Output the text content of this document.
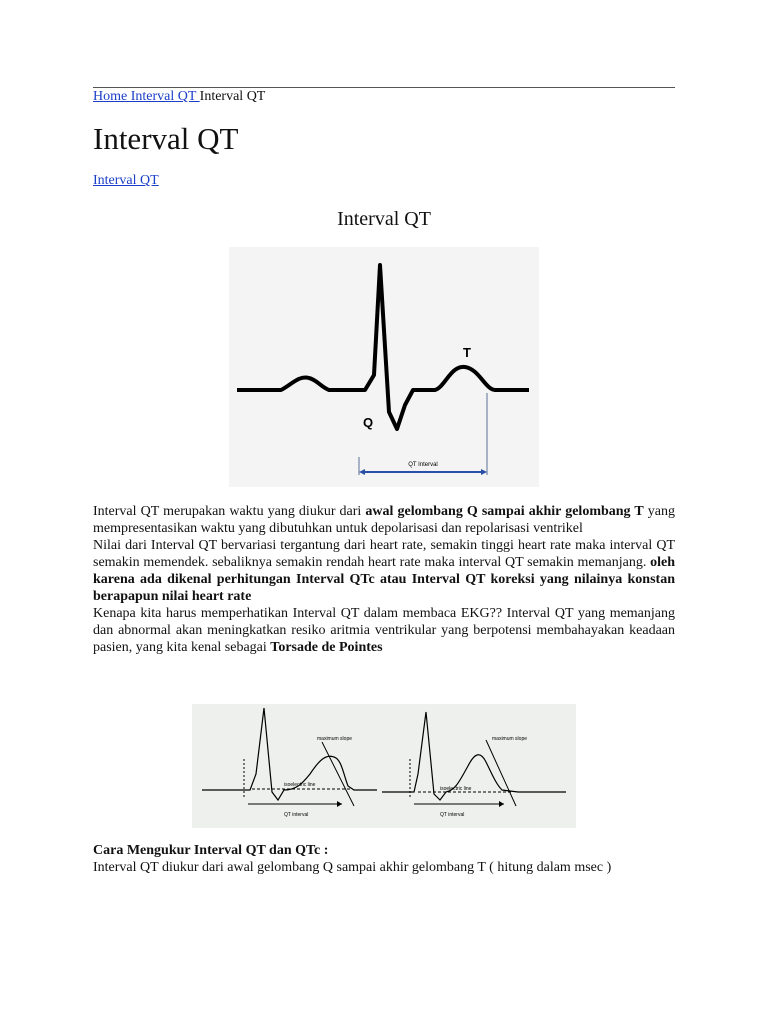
Home Interval QT Interval QT
Interval QT
Interval QT
Interval QT
T
Q
QT Interval

Interval QT merupakan waktu yang diukur dari awal gelombang Q sampai akhir gelombang T yang mempresentasikan waktu yang dibutuhkan untuk depolarisasi dan repolarisasi ventrikel

Nilai dari Interval QT bervariasi tergantung dari heart rate, semakin tinggi heart rate maka interval QT semakin memendek. sebaliknya semakin rendah heart rate maka interval QT semakin memanjang. oleh karena ada dikenal perhitungan Interval QTc atau Interval QT koreksi yang nilainya konstan berapapun nilai heart rate

Kenapa kita harus memperhatikan Interval QT dalam membaca EKG?? Interval QT yang memanjang dan abnormal akan meningkatkan resiko aritmia ventrikular yang berpotensi membahayakan keadaan pasien, yang kita kenal sebagai Torsade de Pointes

maximum slope
isoelectric line
QT interval
maximum slope
isoelectric line
QT interval
Cara Mengukur Interval QT dan QTc :
Interval QT diukur dari awal gelombang Q sampai akhir gelombang T ( hitung dalam msec )
